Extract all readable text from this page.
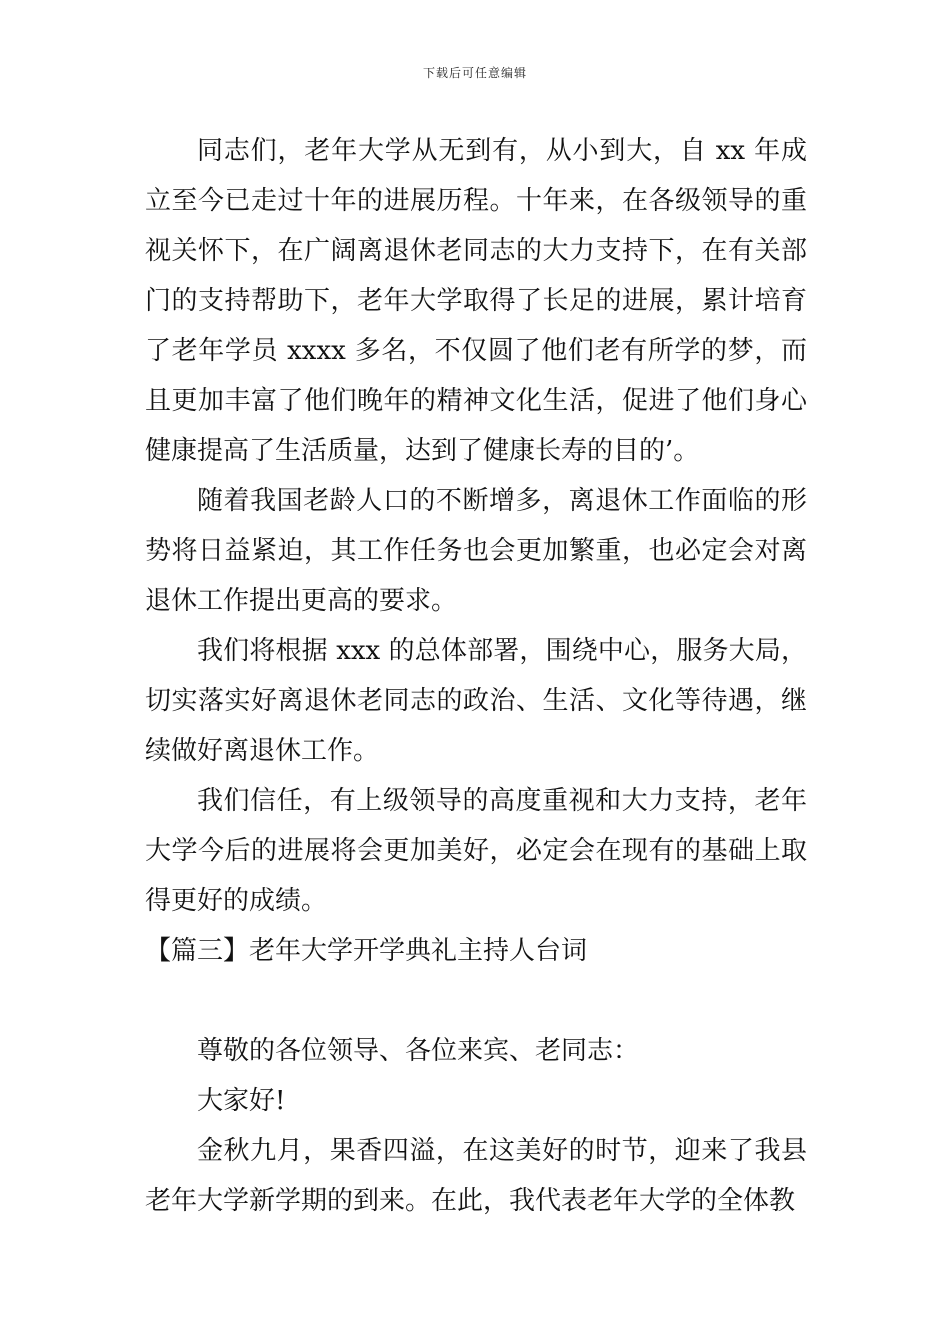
下载后可任意编辑

同志们，老年大学从无到有，从小到大，自 xx 年成立至今已走过十年的进展历程。十年来，在各级领导的重视关怀下，在广阔离退休老同志的大力支持下，在有关部门的支持帮助下，老年大学取得了长足的进展，累计培育了老年学员 xxxx 多名，不仅圆了他们老有所学的梦，而且更加丰富了他们晚年的精神文化生活，促进了他们身心健康提高了生活质量，达到了健康长寿的目的’。

随着我国老龄人口的不断增多，离退休工作面临的形势将日益紧迫，其工作任务也会更加繁重，也必定会对离退休工作提出更高的要求。

我们将根据 xxx 的总体部署，围绕中心，服务大局，切实落实好离退休老同志的政治、生活、文化等待遇，继续做好离退休工作。

我们信任，有上级领导的高度重视和大力支持，老年大学今后的进展将会更加美好，必定会在现有的基础上取得更好的成绩。

【篇三】老年大学开学典礼主持人台词

尊敬的各位领导、各位来宾、老同志：

大家好!

金秋九月，果香四溢，在这美好的时节，迎来了我县老年大学新学期的到来。在此，我代表老年大学的全体教
